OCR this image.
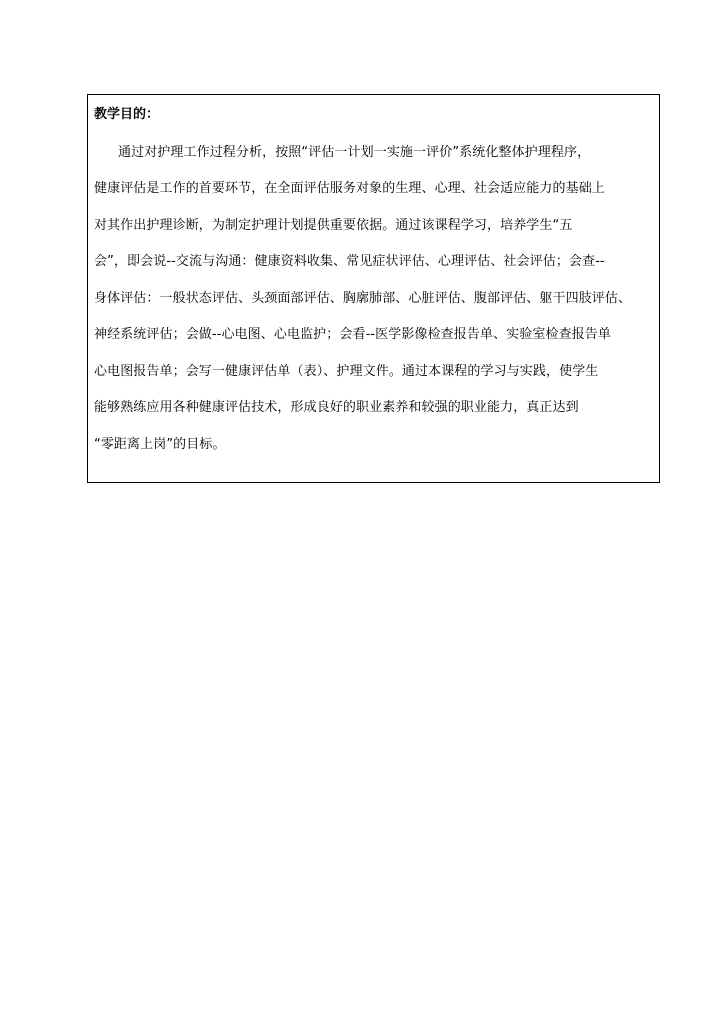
教学目的：
通过对护理工作过程分析，按照“评估一计划一实施一评价”系统化整体护理程序，
健康评估是工作的首要环节，在全面评估服务对象的生理、心理、社会适应能力的基础上
对其作出护理诊断，为制定护理计划提供重要依据。通过该课程学习，培养学生“五
会”，即会说--交流与沟通：健康资料收集、常见症状评估、心理评估、社会评估；会查--
身体评估：一般状态评估、头颈面部评估、胸廓肺部、心脏评估、腹部评估、躯干四肢评估、
神经系统评估；会做--心电图、心电监护；会看--医学影像检查报告单、实验室检查报告单
心电图报告单；会写一健康评估单（表）、护理文件。通过本课程的学习与实践，使学生
能够熟练应用各种健康评估技术，形成良好的职业素养和较强的职业能力，真正达到
“零距离上岗”的目标。
